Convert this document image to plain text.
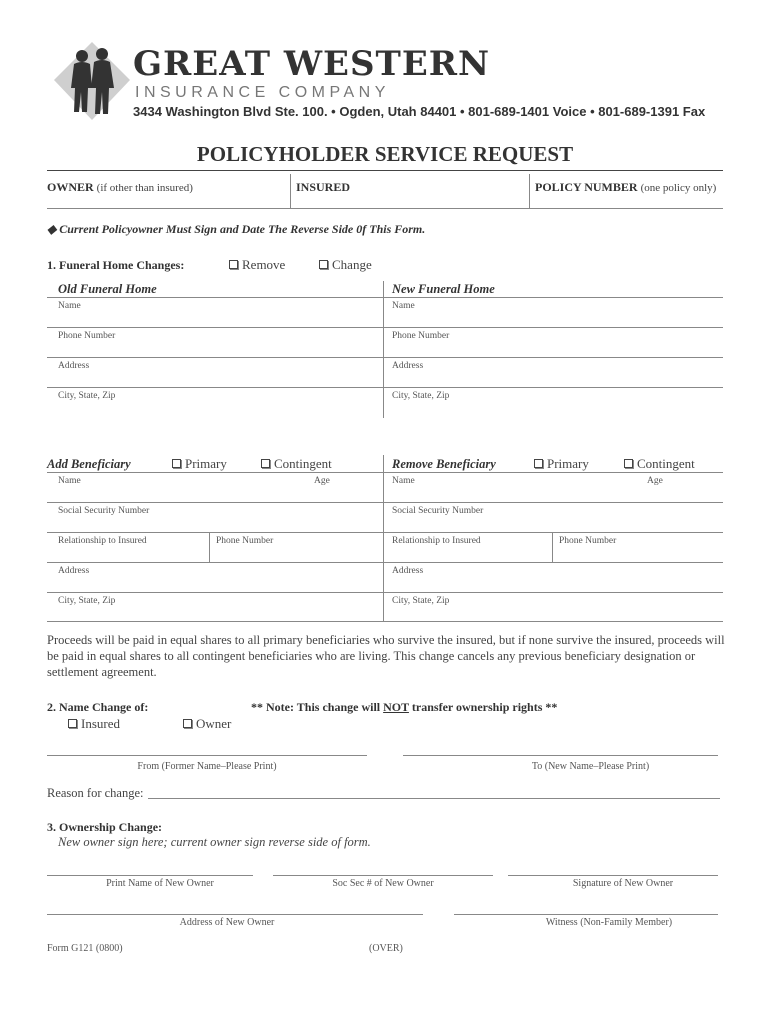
GREAT WESTERN
INSURANCE COMPANY
3434 Washington Blvd Ste. 100. • Ogden, Utah 84401 • 801-689-1401 Voice • 801-689-1391 Fax
POLICYHOLDER SERVICE REQUEST
OWNER (if other than insured)	INSURED	POLICY NUMBER (one policy only)
◆ Current Policyowner Must Sign and Date The Reverse Side 0f This Form.
1. Funeral Home Changes:	Remove	Change
Old Funeral Home	New Funeral Home
Name	Name
Phone Number	Phone Number
Address	Address
City, State, Zip	City, State, Zip
Add Beneficiary	Primary	Contingent	Remove Beneficiary	Primary	Contingent
Name	Age	Name	Age
Social Security Number	Social Security Number
Relationship to Insured	Phone Number	Relationship to Insured	Phone Number
Address	Address
City, State, Zip	City, State, Zip
Proceeds will be paid in equal shares to all primary beneficiaries who survive the insured, but if none survive the insured, proceeds will be paid in equal shares to all contingent beneficiaries who are living. This change cancels any previous beneficiary designation or settlement agreement.
2. Name Change of:	** Note: This change will NOT transfer ownership rights **
Insured	Owner
From (Former Name–Please Print)	To (New Name–Please Print)
Reason for change:
3. Ownership Change:
New owner sign here; current owner sign reverse side of form.
Print Name of New Owner	Soc Sec # of New Owner	Signature of New Owner
Address of New Owner	Witness (Non-Family Member)
Form G121 (0800)	(OVER)
